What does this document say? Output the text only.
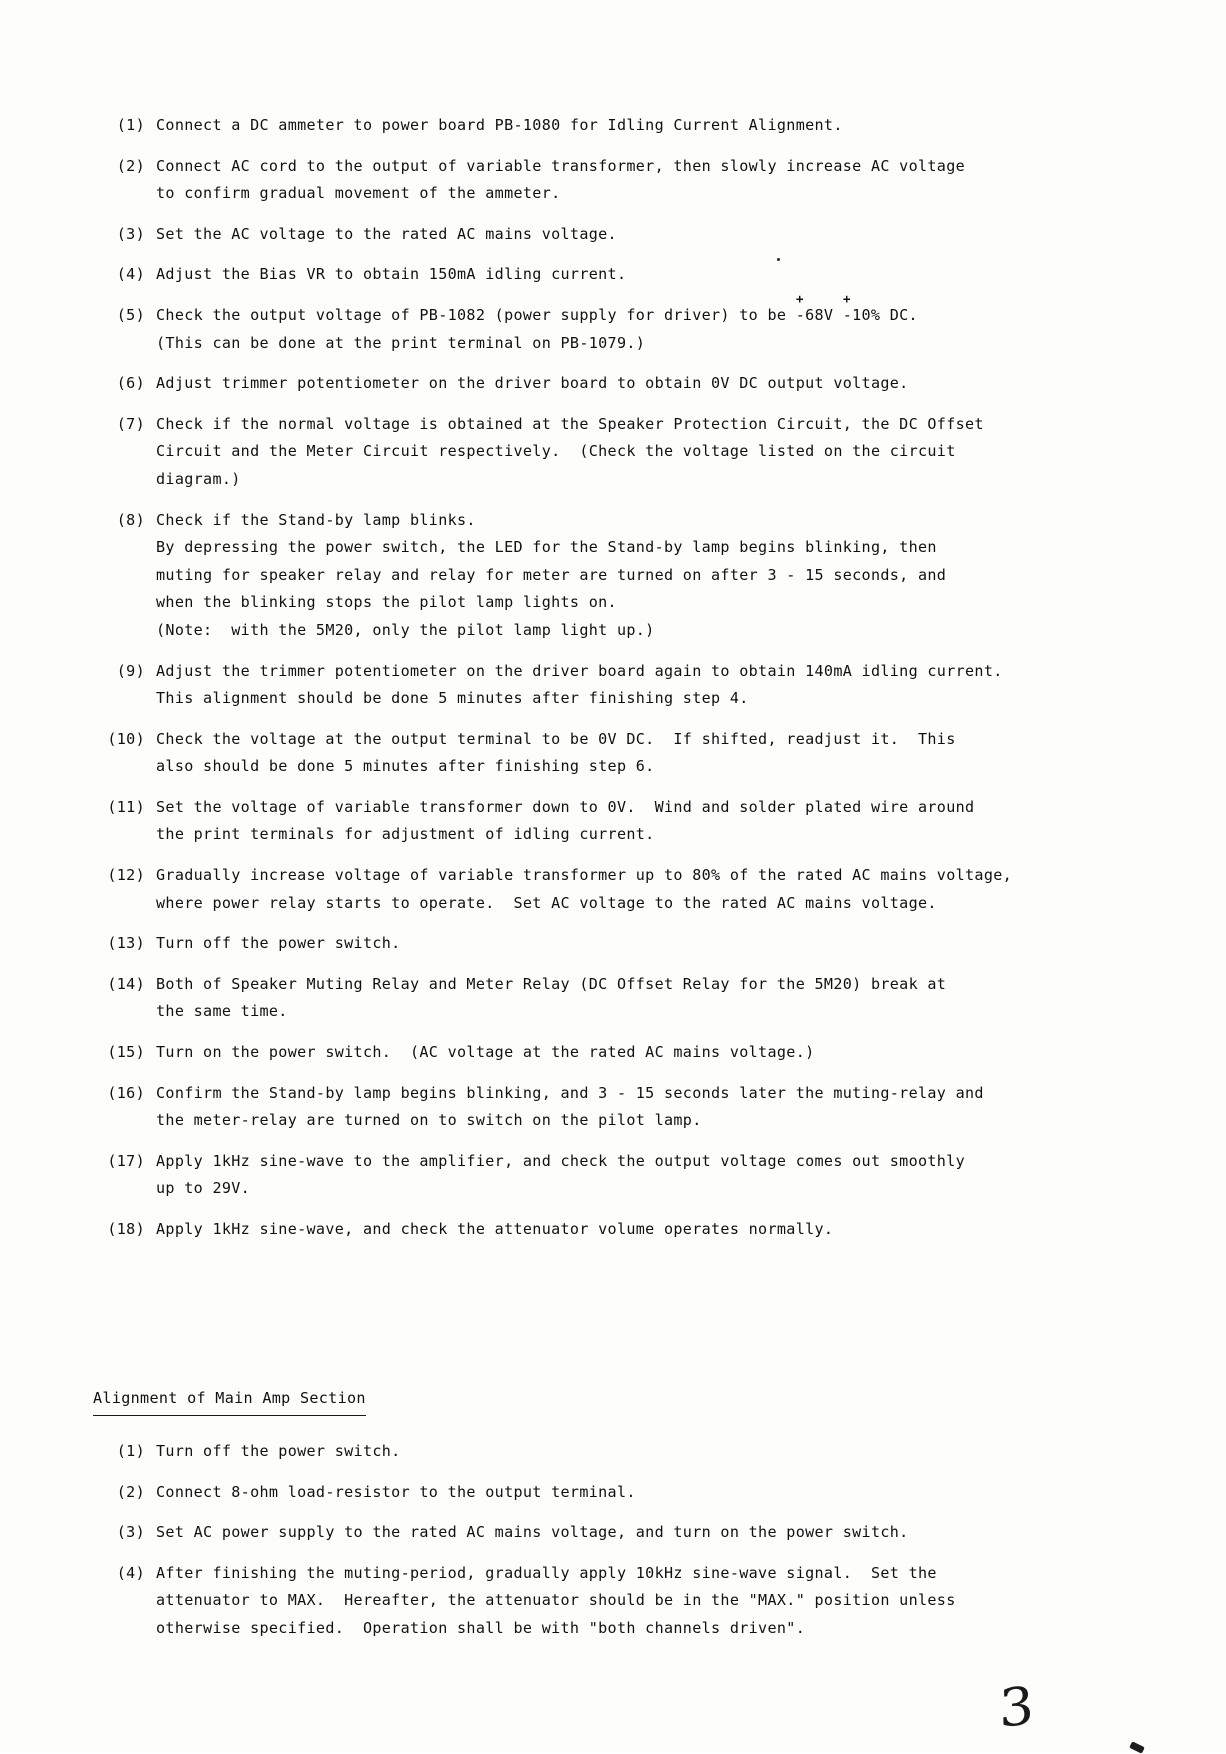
(1) Connect a DC ammeter to power board PB-1080 for Idling Current Alignment.
(2) Connect AC cord to the output of variable transformer, then slowly increase AC voltage
to confirm gradual movement of the ammeter.
(3) Set the AC voltage to the rated AC mains voltage.
(4) Adjust the Bias VR to obtain 150mA idling current.
(5) Check the output voltage of PB-1082 (power supply for driver) to be
+
-68V
+
-10% DC.
(This can be done at the print terminal on PB-1079.)
(6) Adjust trimmer potentiometer on the driver board to obtain 0V DC output voltage.
(7) Check if the normal voltage is obtained at the Speaker Protection Circuit, the DC Offset
Circuit and the Meter Circuit respectively.  (Check the voltage listed on the circuit
diagram.)
(8) Check if the Stand-by lamp blinks.
By depressing the power switch, the LED for the Stand-by lamp begins blinking, then
muting for speaker relay and relay for meter are turned on after 3 - 15 seconds, and
when the blinking stops the pilot lamp lights on.
(Note:  with the 5M20, only the pilot lamp light up.)
(9) Adjust the trimmer potentiometer on the driver board again to obtain 140mA idling current.
This alignment should be done 5 minutes after finishing step 4.
(10) Check the voltage at the output terminal to be 0V DC.  If shifted, readjust it.  This
also should be done 5 minutes after finishing step 6.
(11) Set the voltage of variable transformer down to 0V.  Wind and solder plated wire around
the print terminals for adjustment of idling current.
(12) Gradually increase voltage of variable transformer up to 80% of the rated AC mains voltage,
where power relay starts to operate.  Set AC voltage to the rated AC mains voltage.
(13) Turn off the power switch.
(14) Both of Speaker Muting Relay and Meter Relay (DC Offset Relay for the 5M20) break at
the same time.
(15) Turn on the power switch.  (AC voltage at the rated AC mains voltage.)
(16) Confirm the Stand-by lamp begins blinking, and 3 - 15 seconds later the muting-relay and
the meter-relay are turned on to switch on the pilot lamp.
(17) Apply 1kHz sine-wave to the amplifier, and check the output voltage comes out smoothly
up to 29V.
(18) Apply 1kHz sine-wave, and check the attenuator volume operates normally.
Alignment of Main Amp Section
(1) Turn off the power switch.
(2) Connect 8-ohm load-resistor to the output terminal.
(3) Set AC power supply to the rated AC mains voltage, and turn on the power switch.
(4) After finishing the muting-period, gradually apply 10kHz sine-wave signal.  Set the
attenuator to MAX.  Hereafter, the attenuator should be in the "MAX." position unless
otherwise specified.  Operation shall be with "both channels driven".
3
